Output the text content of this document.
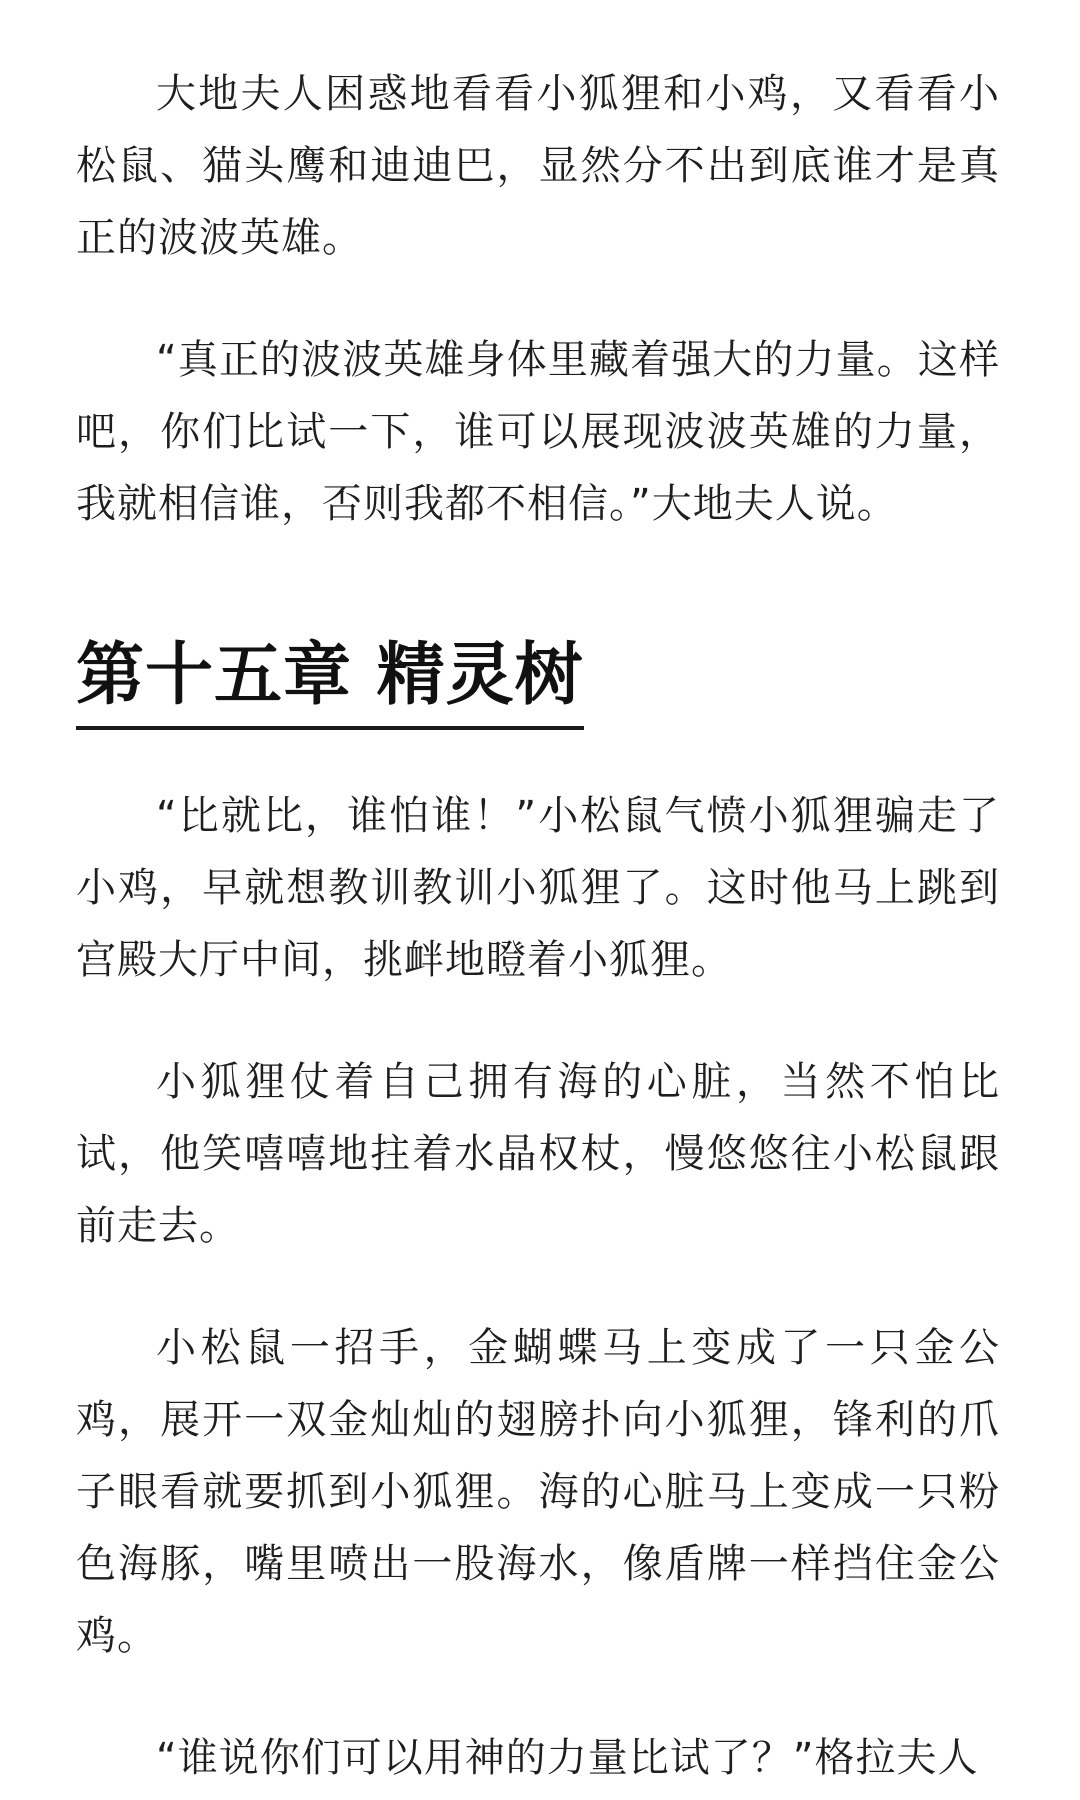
大地夫人困惑地看看小狐狸和小鸡，又看看小松鼠、猫头鹰和迪迪巴，显然分不出到底谁才是真正的波波英雄。

“真正的波波英雄身体里藏着强大的力量。这样吧，你们比试一下，谁可以展现波波英雄的力量，我就相信谁，否则我都不相信。”大地夫人说。

第十五章 精灵树

“比就比，谁怕谁！”小松鼠气愤小狐狸骗走了小鸡，早就想教训教训小狐狸了。这时他马上跳到宫殿大厅中间，挑衅地瞪着小狐狸。

小狐狸仗着自己拥有海的心脏，当然不怕比试，他笑嘻嘻地拄着水晶权杖，慢悠悠往小松鼠跟前走去。

小松鼠一招手，金蝴蝶马上变成了一只金公鸡，展开一双金灿灿的翅膀扑向小狐狸，锋利的爪子眼看就要抓到小狐狸。海的心脏马上变成一只粉色海豚，嘴里喷出一股海水，像盾牌一样挡住金公鸡。

“谁说你们可以用神的力量比试了？”格拉夫人
